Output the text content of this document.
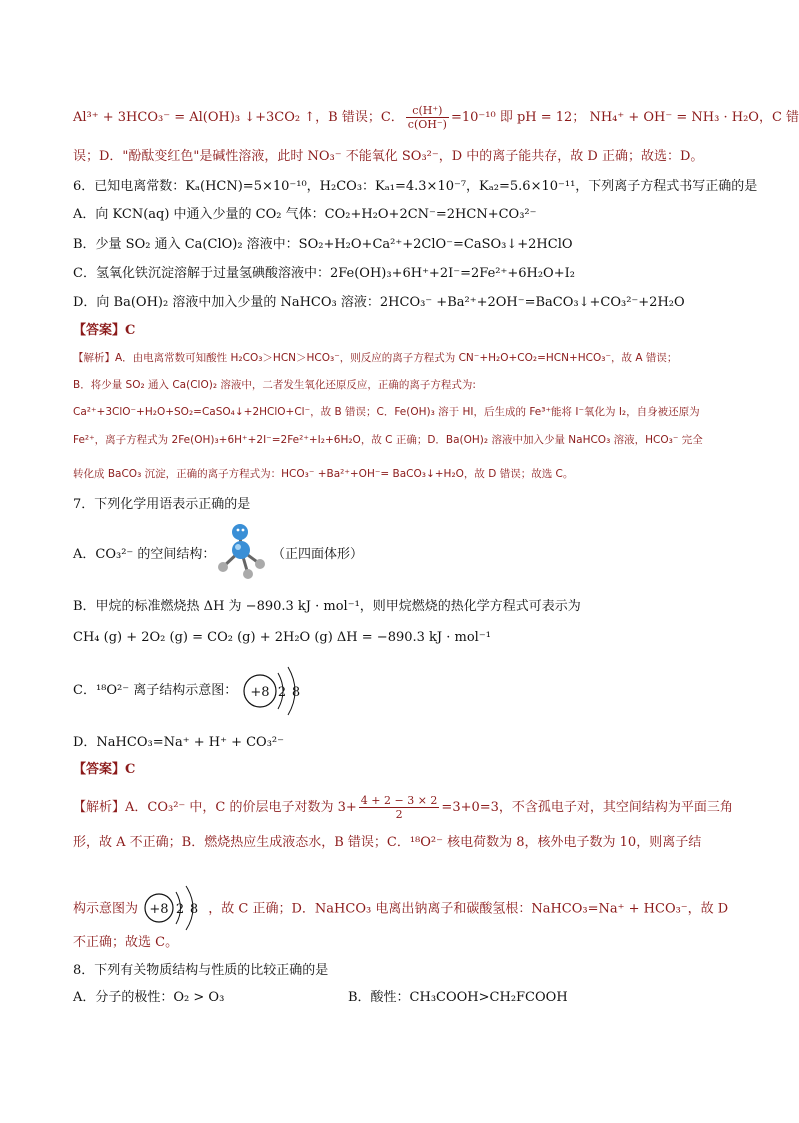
Al³⁺ + 3HCO₃⁻ = Al(OH)₃ ↓+3CO₂ ↑，B 错误；C． $\frac{c(H^+)}{c(OH^-)} =10^{-10}$ 即 pH = 12； NH₄⁺ + OH⁻ = NH₃ · H₂O，C 错
误；D．"酚酞变红色"是碱性溶液，此时 NO₃⁻ 不能氧化 SO₃²⁻，D 中的离子能共存，故 D 正确；故选：D。
6．已知电离常数：Kₐ(HCN)=5×10⁻¹⁰，H₂CO₃：Kₐ₁=4.3×10⁻⁷，Kₐ₂=5.6×10⁻¹¹，下列离子方程式书写正确的是
A．向 KCN(aq) 中通入少量的 CO₂ 气体：CO₂+H₂O+2CN⁻=2HCN+CO₃²⁻
B．少量 SO₂ 通入 Ca(ClO)₂ 溶液中：SO₂+H₂O+Ca²⁺+2ClO⁻=CaSO₃↓+2HClO
C．氢氧化铁沉淀溶解于过量氢碘酸溶液中：2Fe(OH)₃+6H⁺+2I⁻=2Fe²⁺+6H₂O+I₂
D．向 Ba(OH)₂ 溶液中加入少量的 NaHCO₃ 溶液：2HCO₃⁻ +Ba²⁺+2OH⁻=BaCO₃↓+CO₃²⁻+2H₂O
【答案】C
【解析】A．由电离常数可知酸性 H₂CO₃＞HCN＞HCO₃⁻，则反应的离子方程式为 CN⁻+H₂O+CO₂=HCN+HCO₃⁻，故 A 错误；
B．将少量 SO₂ 通入 Ca(ClO)₂ 溶液中，二者发生氧化还原反应，正确的离子方程式为:
Ca²⁺+3ClO⁻+H₂O+SO₂=CaSO₄↓+2HClO+Cl⁻，故 B 错误；C．Fe(OH)₃ 溶于 HI，后生成的 Fe³⁺能将 I⁻氧化为 I₂，自身被还原为
Fe²⁺，离子方程式为 2Fe(OH)₃+6H⁺+2I⁻=2Fe²⁺+I₂+6H₂O，故 C 正确；D．Ba(OH)₂ 溶液中加入少量 NaHCO₃ 溶液，HCO₃⁻ 完全
转化成 BaCO₃ 沉淀，正确的离子方程式为：HCO₃⁻ +Ba²⁺+OH⁻= BaCO₃↓+H₂O，故 D 错误；故选 C。
7．下列化学用语表示正确的是
A．CO₃²⁻ 的空间结构：	（正四面体形）
B．甲烷的标准燃烧热 ΔH 为 −890.3 kJ · mol⁻¹，则甲烷燃烧的热化学方程式可表示为
CH₄ (g) + 2O₂ (g) = CO₂ (g) + 2H₂O (g) ΔH = −890.3 kJ · mol⁻¹
C．¹⁸O²⁻ 离子结构示意图： +8 2 8
D．NaHCO₃=Na⁺ + H⁺ + CO₃²⁻
【答案】C
【解析】A．CO₃²⁻ 中，C 的价层电子对数为 $3+ \frac{4 + 2 - 3 \times 2}{2} =3+0=3$，不含孤电子对，其空间结构为平面三角
形，故 A 不正确；B．燃烧热应生成液态水，B 错误；C．¹⁸O²⁻ 核电荷数为 8，核外电子数为 10，则离子结
构示意图为 +8 2 8 ，故 C 正确；D．NaHCO₃ 电离出钠离子和碳酸氢根：NaHCO₃=Na⁺ + HCO₃⁻，故 D
不正确；故选 C。
8．下列有关物质结构与性质的比较正确的是
A．分子的极性：O₂ > O₃	B．酸性：CH₃COOH>CH₂FCOOH
